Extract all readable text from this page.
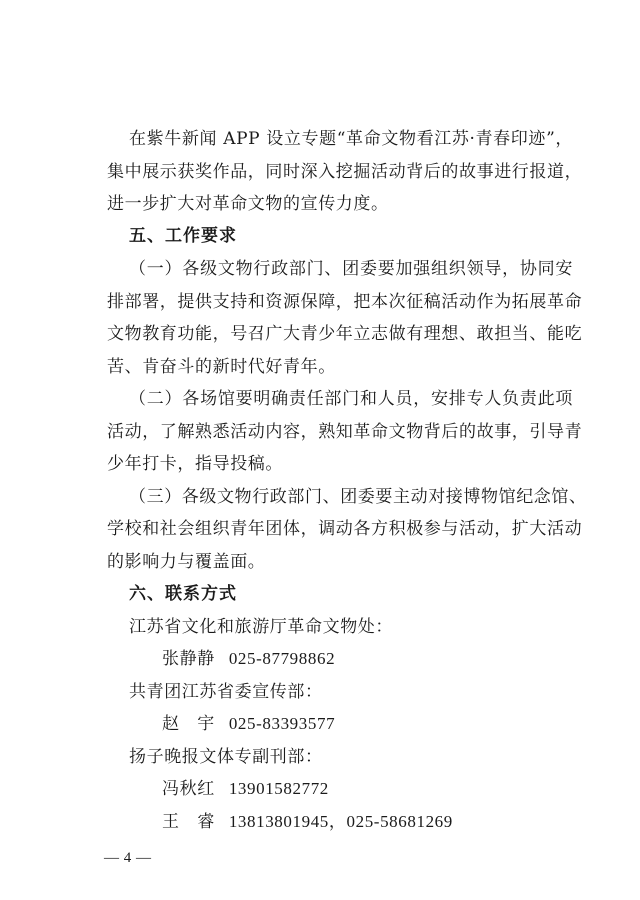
在紫牛新闻 APP 设立专题“革命文物看江苏·青春印迹”，
集中展示获奖作品，同时深入挖掘活动背后的故事进行报道，
进一步扩大对革命文物的宣传力度。
五、工作要求
（一）各级文物行政部门、团委要加强组织领导，协同安
排部署，提供支持和资源保障，把本次征稿活动作为拓展革命
文物教育功能，号召广大青少年立志做有理想、敢担当、能吃
苦、肯奋斗的新时代好青年。
（二）各场馆要明确责任部门和人员，安排专人负责此项
活动，了解熟悉活动内容，熟知革命文物背后的故事，引导青
少年打卡，指导投稿。
（三）各级文物行政部门、团委要主动对接博物馆纪念馆、
学校和社会组织青年团体，调动各方积极参与活动，扩大活动
的影响力与覆盖面。
六、联系方式
江苏省文化和旅游厅革命文物处：
张静静 025-87798862
共青团江苏省委宣传部：
赵　宇 025-83393577
扬子晚报文体专副刊部：
冯秋红 13901582772
王　睿 13813801945，025-58681269
— 4 —
